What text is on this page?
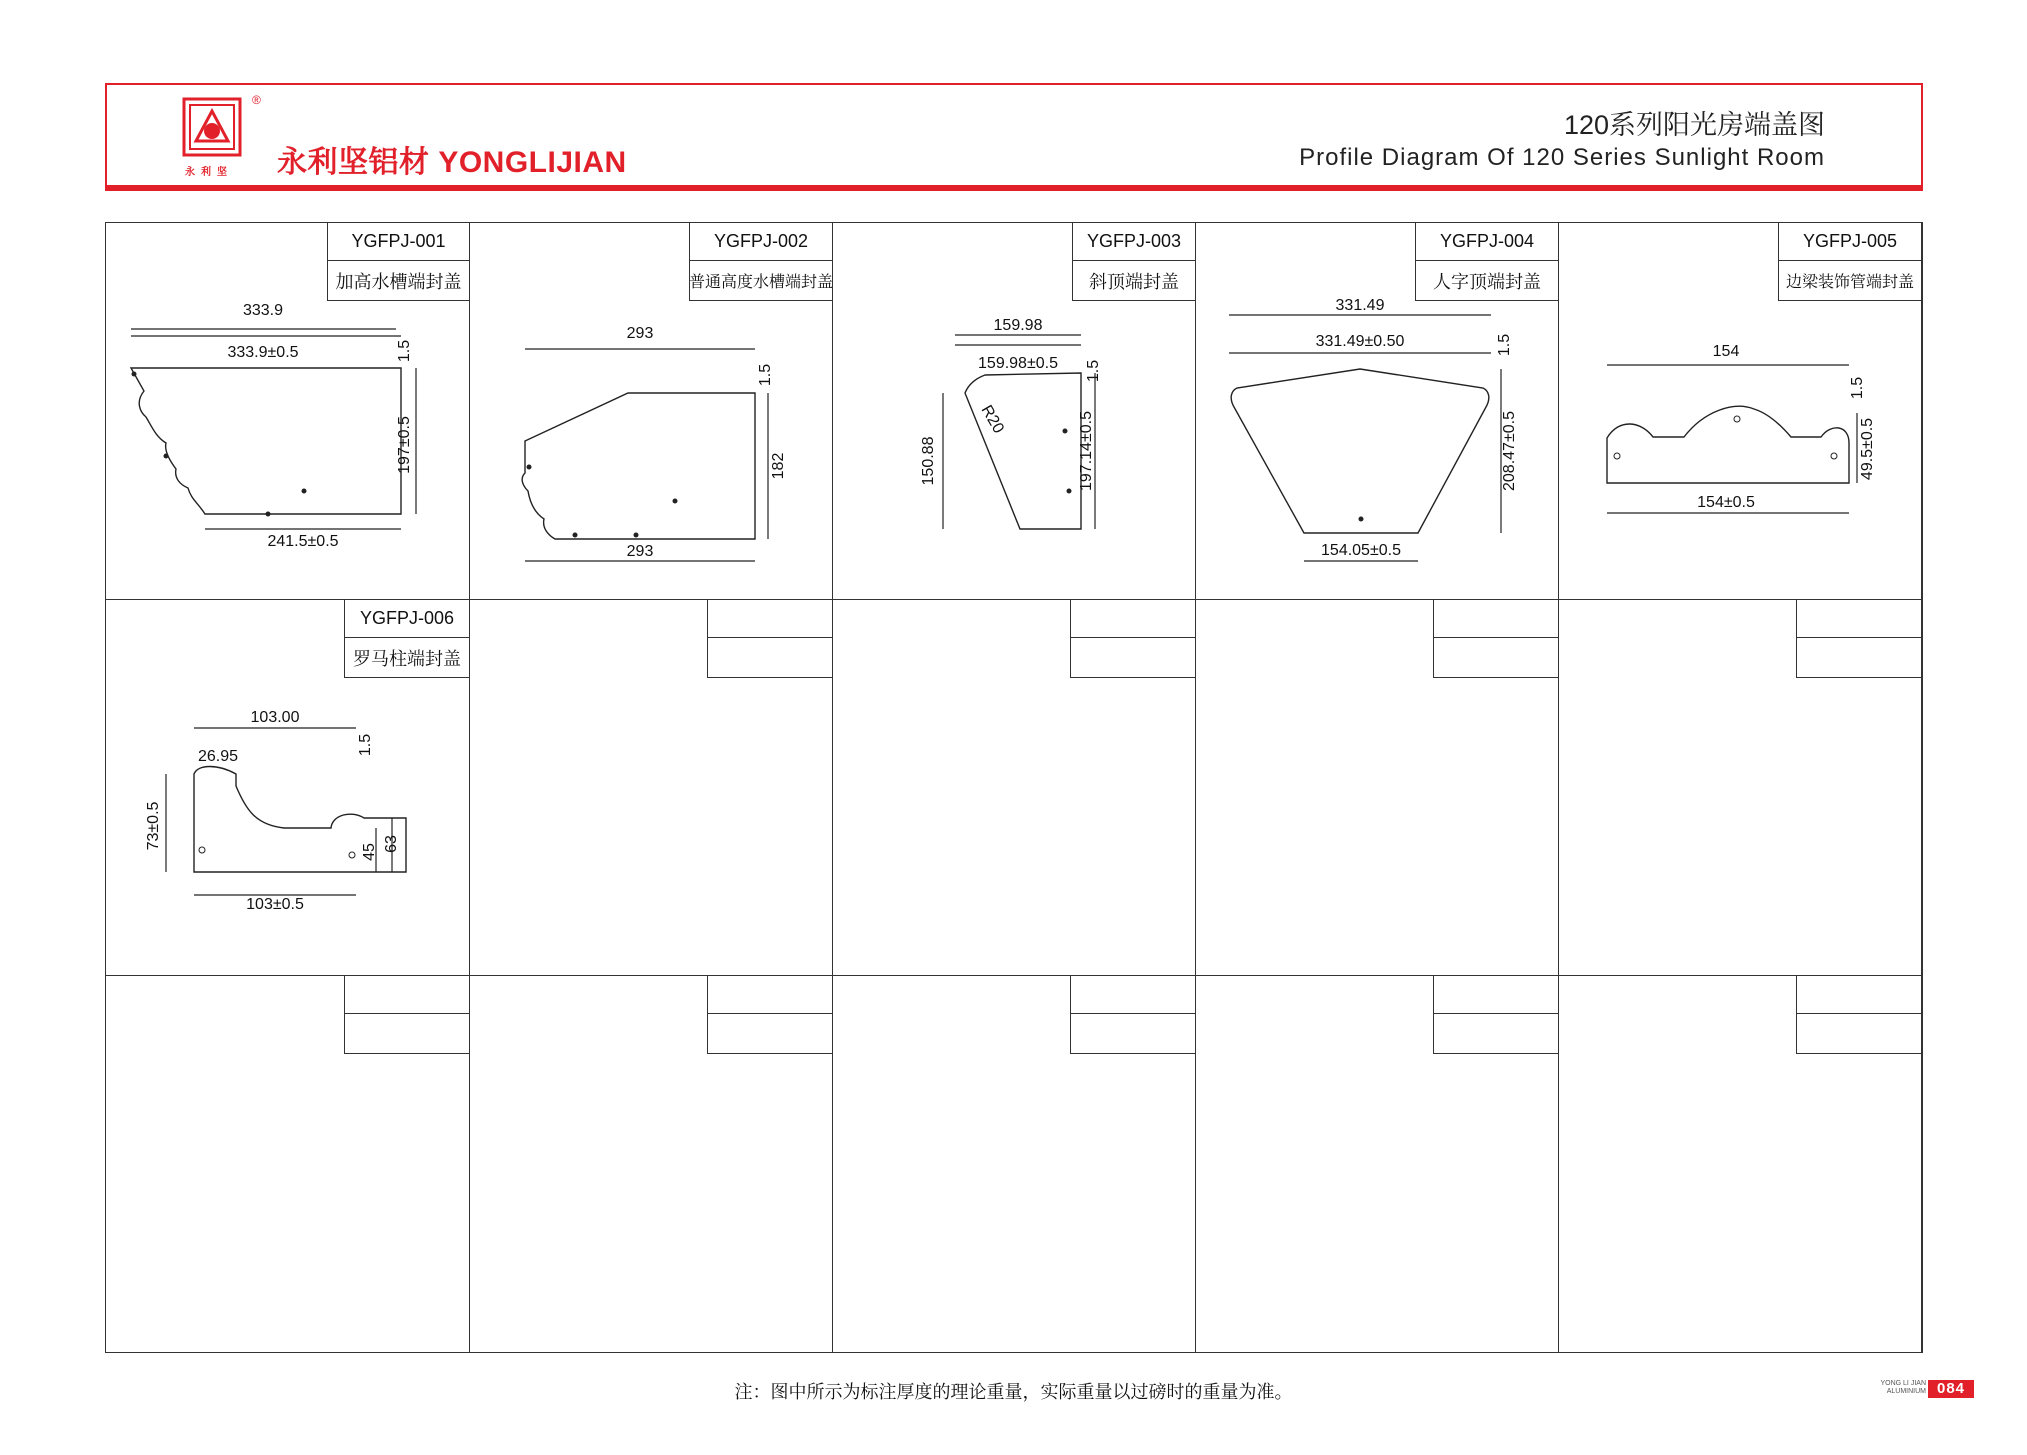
®
永利坚 永利坚铝材 YONGLIJIAN
120系列阳光房端盖图
Profile Diagram Of 120 Series Sunlight Room
333.9
333.9±0.5	1.5
197±0.5
241.5±0.5
YGFPJ-001
加高水槽端封盖
293
1.5
182
293
YGFPJ-002
普通高度水槽端封盖
159.98
159.98±0.5 1.5
R20
150.88	197.14±0.5
YGFPJ-003
斜顶端封盖
331.49
331.49±0.50	1.5
208.47±0.5
154.05±0.5
YGFPJ-004
人字顶端封盖
154
1.5
49.5±0.5
154±0.5
YGFPJ-005
边梁装饰管端封盖
103.00
26.95
1.5
73±0.5
45 63
103±0.5
YGFPJ-006
罗马柱端封盖
注：图中所示为标注厚度的理论重量，实际重量以过磅时的重量为准。	YONG LI JIAN
ALUMINIUM 084
